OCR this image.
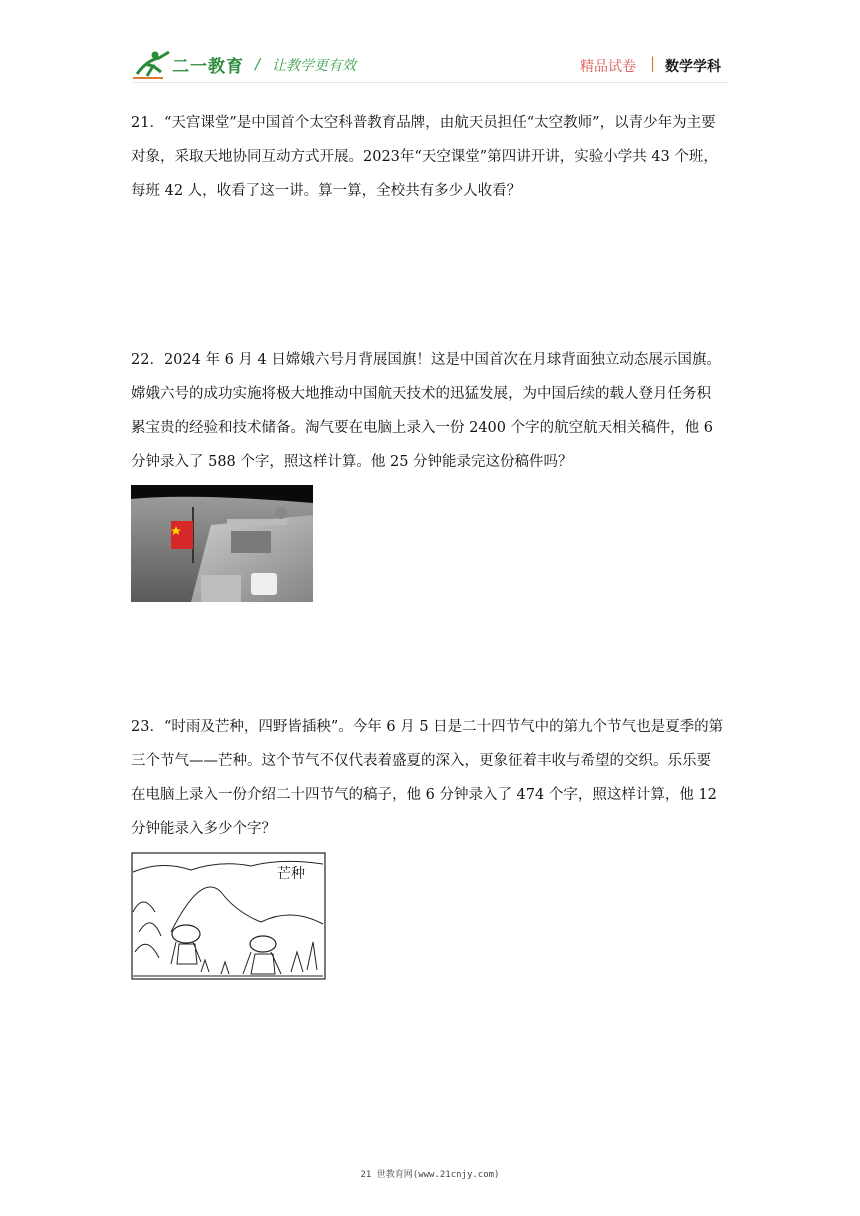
二一教育 / 让教学更有效	精品试卷 | 数学学科

21．“天宫课堂”是中国首个太空科普教育品牌，由航天员担任“太空教师”，以青少年为主要

对象，采取天地协同互动方式开展。2023年“天空课堂”第四讲开讲，实验小学共 43 个班，

每班 42 人，收看了这一讲。算一算，全校共有多少人收看？

22．2024 年 6 月 4 日嫦娥六号月背展国旗！这是中国首次在月球背面独立动态展示国旗。

嫦娥六号的成功实施将极大地推动中国航天技术的迅猛发展，为中国后续的载人登月任务积

累宝贵的经验和技术储备。淘气要在电脑上录入一份 2400 个字的航空航天相关稿件，他 6

分钟录入了 588 个字，照这样计算。他 25 分钟能录完这份稿件吗？

23．“时雨及芒种，四野皆插秧”。今年 6 月 5 日是二十四节气中的第九个节气也是夏季的第

三个节气——芒种。这个节气不仅代表着盛夏的深入，更象征着丰收与希望的交织。乐乐要

在电脑上录入一份介绍二十四节气的稿子，他 6 分钟录入了 474 个字，照这样计算，他 12

分钟能录入多少个字？

芒种
21 世教育网(www.21cnjy.com)
